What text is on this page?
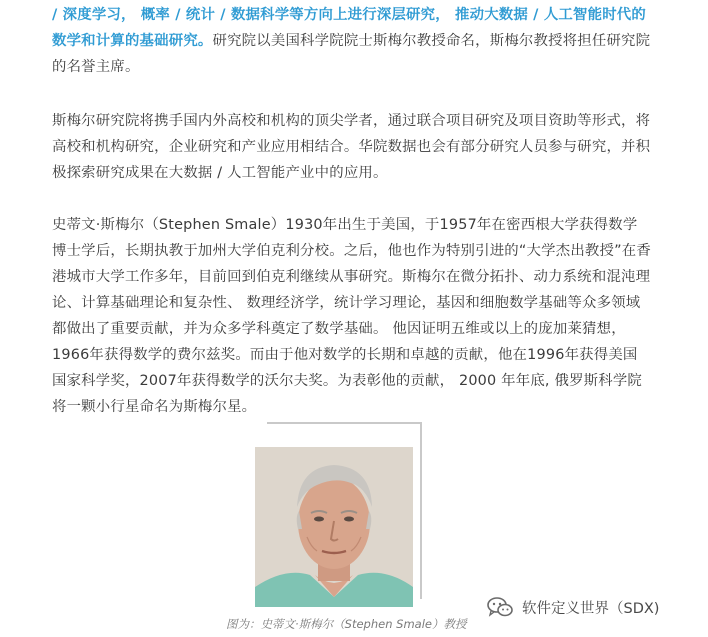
/ 深度学习， 概率 / 统计 / 数据科学等方向上进行深层研究， 推动大数据 / 人工智能时代的数学和计算的基础研究。研究院以美国科学院院士斯梅尔教授命名，斯梅尔教授将担任研究院的名誉主席。

斯梅尔研究院将携手国内外高校和机构的顶尖学者，通过联合项目研究及项目资助等形式，将高校和机构研究，企业研究和产业应用相结合。华院数据也会有部分研究人员参与研究，并积极探索研究成果在大数据 / 人工智能产业中的应用。

史蒂文·斯梅尔（Stephen Smale）1930年出生于美国，于1957年在密西根大学获得数学博士学后，长期执教于加州大学伯克利分校。之后，他也作为特别引进的“大学杰出教授”在香港城市大学工作多年，目前回到伯克利继续从事研究。斯梅尔在微分拓扑、动力系统和混沌理论、计算基础理论和复杂性、 数理经济学，统计学习理论，基因和细胞数学基础等众多领域都做出了重要贡献，并为众多学科奠定了数学基础。 他因证明五维或以上的庞加莱猜想，1966年获得数学的费尔兹奖。而由于他对数学的长期和卓越的贡献，他在1996年获得美国国家科学奖，2007年获得数学的沃尔夫奖。为表彰他的贡献， 2000 年年底, 俄罗斯科学院将一颗小行星命名为斯梅尔星。

图为：史蒂文·斯梅尔（Stephen Smale）教授
软件定义世界（SDX)
